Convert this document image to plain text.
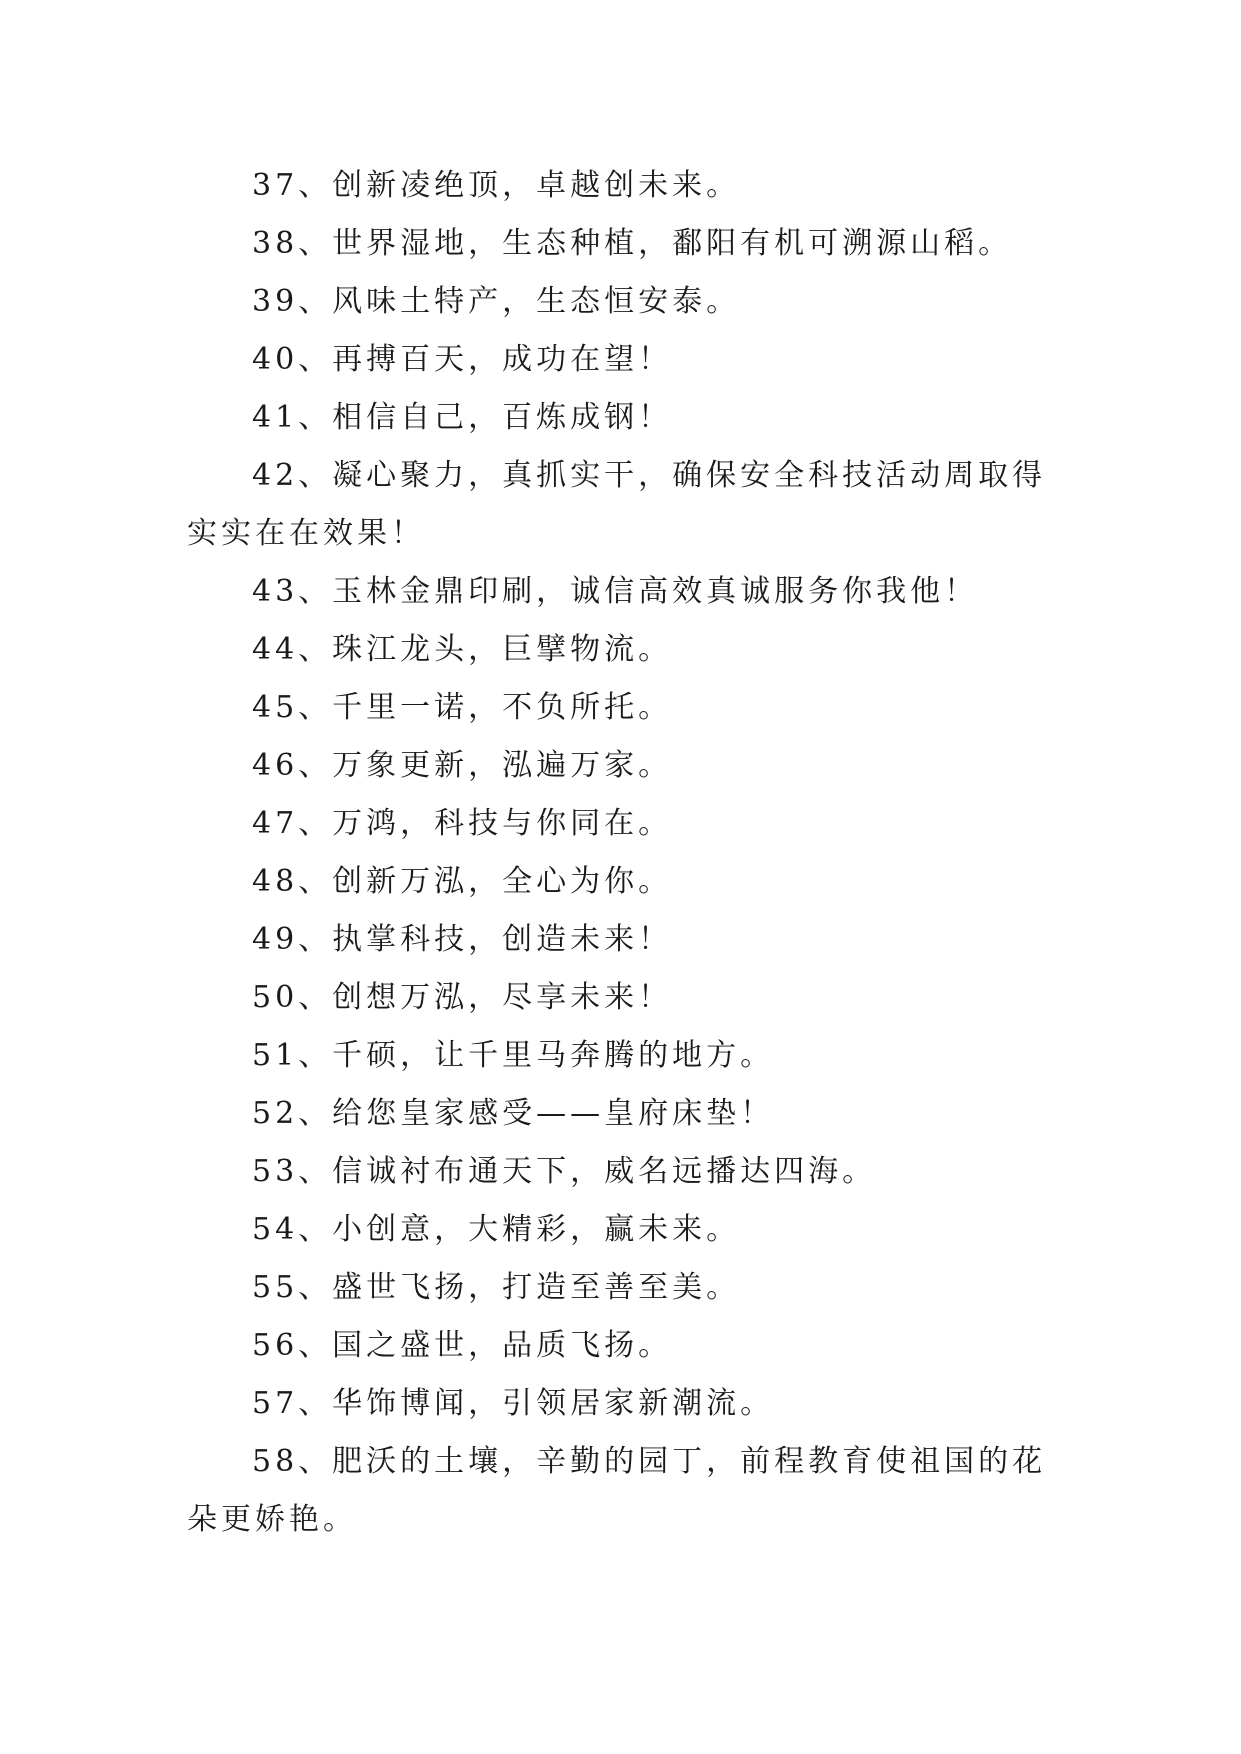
37、创新凌绝顶，卓越创未来。

38、世界湿地，生态种植，鄱阳有机可溯源山稻。

39、风味土特产，生态恒安泰。

40、再搏百天，成功在望！

41、相信自己，百炼成钢！

42、凝心聚力，真抓实干，确保安全科技活动周取得实实在在效果！

43、玉林金鼎印刷，诚信高效真诚服务你我他！

44、珠江龙头，巨擘物流。

45、千里一诺，不负所托。

46、万象更新，泓遍万家。

47、万鸿，科技与你同在。

48、创新万泓，全心为你。

49、执掌科技，创造未来！

50、创想万泓，尽享未来！

51、千硕，让千里马奔腾的地方。

52、给您皇家感受——皇府床垫！

53、信诚衬布通天下，威名远播达四海。

54、小创意，大精彩，赢未来。

55、盛世飞扬，打造至善至美。

56、国之盛世，品质飞扬。

57、华饰博闻，引领居家新潮流。

58、肥沃的土壤，辛勤的园丁，前程教育使祖国的花朵更娇艳。
